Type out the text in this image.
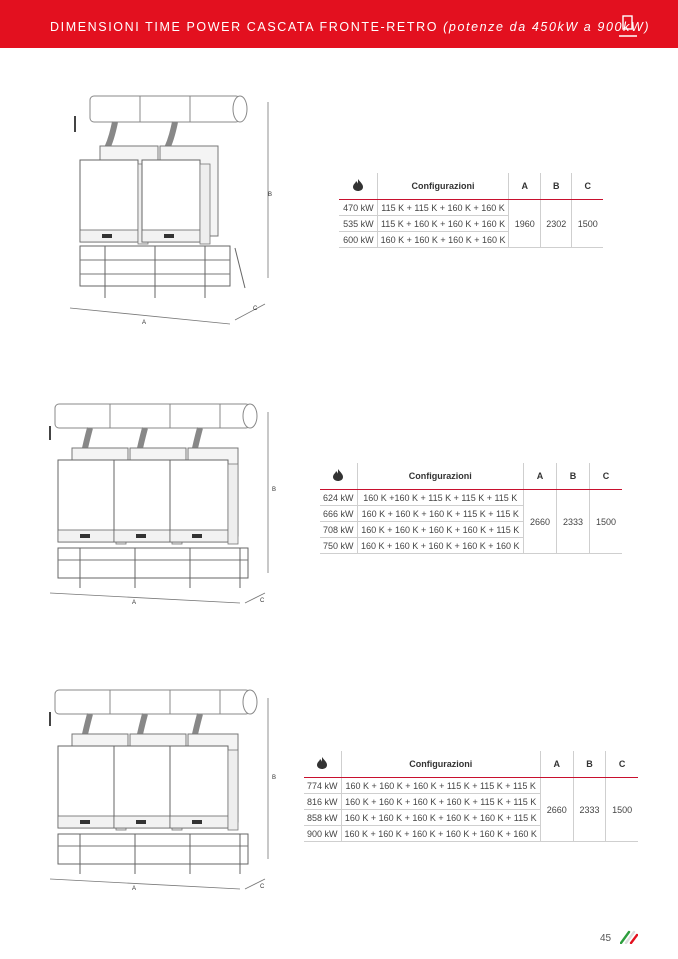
DIMENSIONI TIME POWER CASCATA FRONTE-RETRO (potenze da 450kW a 900kW)
B
A
C
	Configurazioni	A	B	C
470 kW	115 K + 115 K + 160 K + 160 K	1960	2302	1500
535 kW	115 K + 160 K + 160 K + 160 K			
600 kW	160 K + 160 K + 160 K + 160 K			
B
A	C
	Configurazioni	A	B	C
624 kW	160 K +160 K + 115 K + 115 K + 115 K	2660	2333	1500
666 kW	160 K + 160 K + 160 K + 115 K + 115 K			
708 kW	160 K + 160 K + 160 K + 160 K + 115 K			
750 kW	160 K + 160 K + 160 K + 160 K + 160 K			
B
A	C
	Configurazioni	A	B	C
774 kW	160 K + 160 K + 160 K + 115 K + 115 K + 115 K	2660	2333	1500
816 kW	160 K + 160 K + 160 K + 160 K + 115 K + 115 K			
858 kW	160 K + 160 K + 160 K + 160 K + 160 K + 115 K			
900 kW	160 K + 160 K + 160 K + 160 K + 160 K + 160 K			
45
